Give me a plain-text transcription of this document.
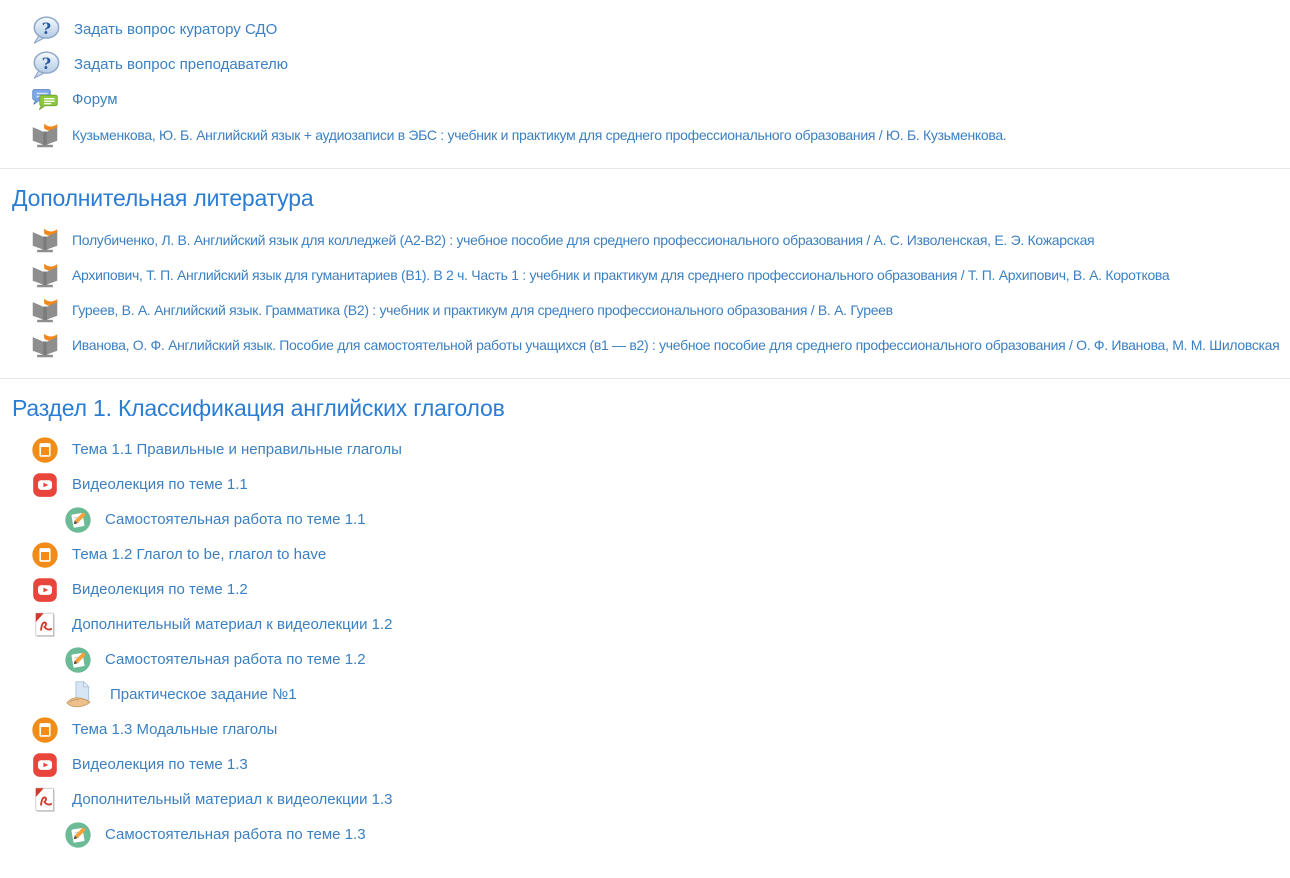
Задать вопрос куратору СДО
Задать вопрос преподавателю
Форум
Кузьменкова, Ю. Б. Английский язык + аудиозаписи в ЭБС : учебник и практикум для среднего профессионального образования / Ю. Б. Кузьменкова.
Дополнительная литература
Полубиченко, Л. В. Английский язык для колледжей (A2-B2) : учебное пособие для среднего профессионального образования / А. С. Изволенская, Е. Э. Кожарская
Архипович, Т. П. Английский язык для гуманитариев (B1). В 2 ч. Часть 1 : учебник и практикум для среднего профессионального образования / Т. П. Архипович, В. А. Короткова
Гуреев, В. А. Английский язык. Грамматика (B2) : учебник и практикум для среднего профессионального образования / В. А. Гуреев
Иванова, О. Ф. Английский язык. Пособие для самостоятельной работы учащихся (в1 — в2) : учебное пособие для среднего профессионального образования / О. Ф. Иванова, М. М. Шиловская
Раздел 1. Классификация английских глаголов
Тема 1.1 Правильные и неправильные глаголы
Видеолекция по теме 1.1
Самостоятельная работа по теме 1.1
Тема 1.2 Глагол to be, глагол to have
Видеолекция по теме 1.2
Дополнительный материал к видеолекции 1.2
Самостоятельная работа по теме 1.2
Практическое задание №1
Тема 1.3 Модальные глаголы
Видеолекция по теме 1.3
Дополнительный материал к видеолекции 1.3
Самостоятельная работа по теме 1.3
